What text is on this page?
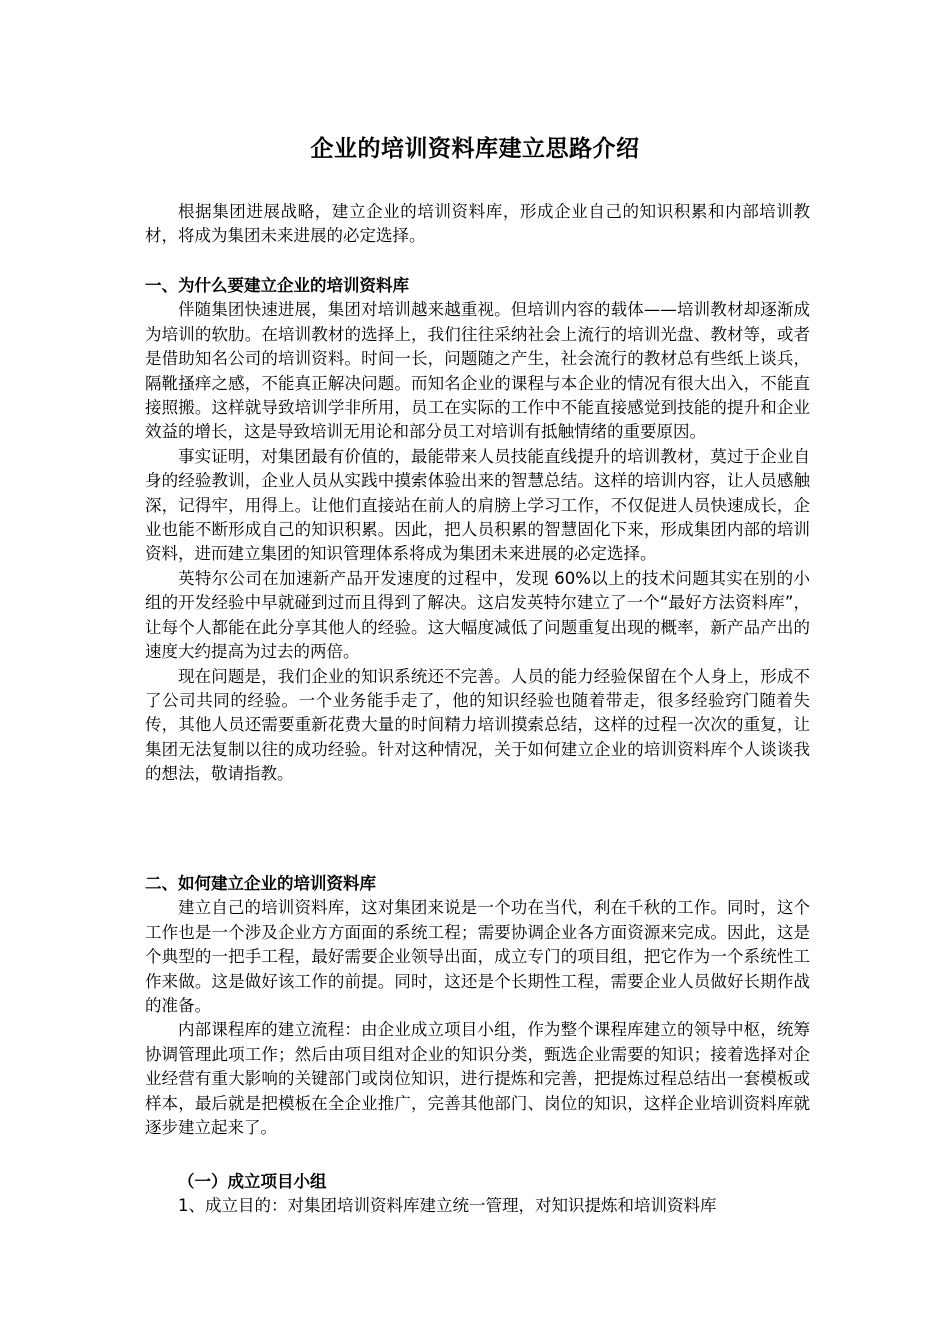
企业的培训资料库建立思路介绍

根据集团进展战略，建立企业的培训资料库，形成企业自己的知识积累和内部培训教材，将成为集团未来进展的必定选择。

一、为什么要建立企业的培训资料库

伴随集团快速进展，集团对培训越来越重视。但培训内容的载体——培训教材却逐渐成为培训的软肋。在培训教材的选择上，我们往往采纳社会上流行的培训光盘、教材等，或者是借助知名公司的培训资料。时间一长，问题随之产生，社会流行的教材总有些纸上谈兵，隔靴搔痒之感，不能真正解决问题。而知名企业的课程与本企业的情况有很大出入，不能直接照搬。这样就导致培训学非所用，员工在实际的工作中不能直接感觉到技能的提升和企业效益的增长，这是导致培训无用论和部分员工对培训有抵触情绪的重要原因。

事实证明，对集团最有价值的，最能带来人员技能直线提升的培训教材，莫过于企业自身的经验教训，企业人员从实践中摸索体验出来的智慧总结。这样的培训内容，让人员感触深，记得牢，用得上。让他们直接站在前人的肩膀上学习工作，不仅促进人员快速成长，企业也能不断形成自己的知识积累。因此，把人员积累的智慧固化下来，形成集团内部的培训资料，进而建立集团的知识管理体系将成为集团未来进展的必定选择。

英特尔公司在加速新产品开发速度的过程中，发现 60%以上的技术问题其实在别的小组的开发经验中早就碰到过而且得到了解决。这启发英特尔建立了一个“最好方法资料库”，让每个人都能在此分享其他人的经验。这大幅度减低了问题重复出现的概率，新产品产出的速度大约提高为过去的两倍。

现在问题是，我们企业的知识系统还不完善。人员的能力经验保留在个人身上，形成不了公司共同的经验。一个业务能手走了，他的知识经验也随着带走，很多经验窍门随着失传，其他人员还需要重新花费大量的时间精力培训摸索总结，这样的过程一次次的重复，让集团无法复制以往的成功经验。针对这种情况，关于如何建立企业的培训资料库个人谈谈我的想法，敬请指教。

二、如何建立企业的培训资料库

建立自己的培训资料库，这对集团来说是一个功在当代，利在千秋的工作。同时，这个工作也是一个涉及企业方方面面的系统工程；需要协调企业各方面资源来完成。因此，这是个典型的一把手工程，最好需要企业领导出面，成立专门的项目组，把它作为一个系统性工作来做。这是做好该工作的前提。同时，这还是个长期性工程，需要企业人员做好长期作战的准备。

内部课程库的建立流程：由企业成立项目小组，作为整个课程库建立的领导中枢，统筹协调管理此项工作；然后由项目组对企业的知识分类，甄选企业需要的知识；接着选择对企业经营有重大影响的关键部门或岗位知识，进行提炼和完善，把提炼过程总结出一套模板或样本，最后就是把模板在全企业推广，完善其他部门、岗位的知识，这样企业培训资料库就逐步建立起来了。

（一）成立项目小组

1、成立目的：对集团培训资料库建立统一管理，对知识提炼和培训资料库
